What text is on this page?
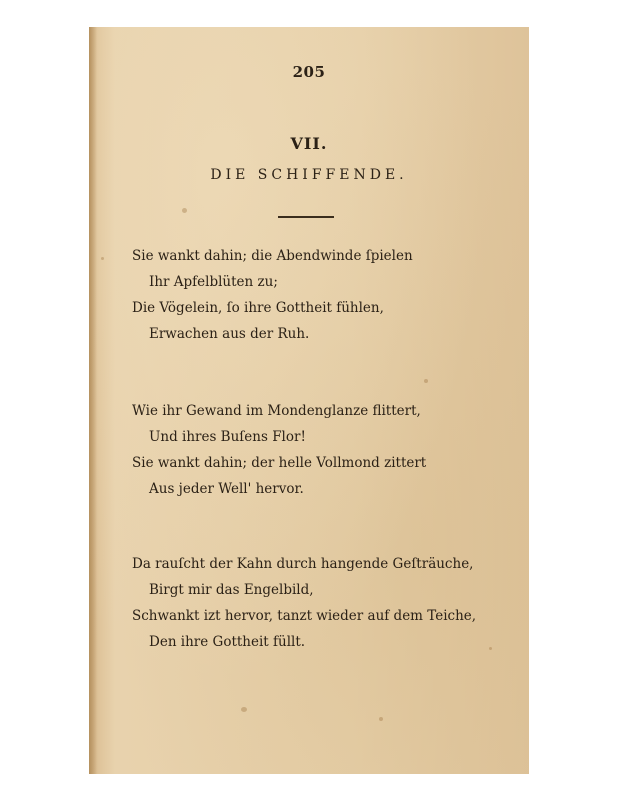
205
VII.
DIE SCHIFFENDE.
Sie wankt dahin; die Abendwinde ſpielen
Ihr Apfelblüten zu;
Die Vögelein, ſo ihre Gottheit fühlen,
Erwachen aus der Ruh.
Wie ihr Gewand im Mondenglanze flittert,
Und ihres Buſens Flor!
Sie wankt dahin; der helle Vollmond zittert
Aus jeder Well' hervor.
Da rauſcht der Kahn durch hangende Geſträuche,
Birgt mir das Engelbild,
Schwankt izt hervor, tanzt wieder auf dem Teiche,
Den ihre Gottheit füllt.
